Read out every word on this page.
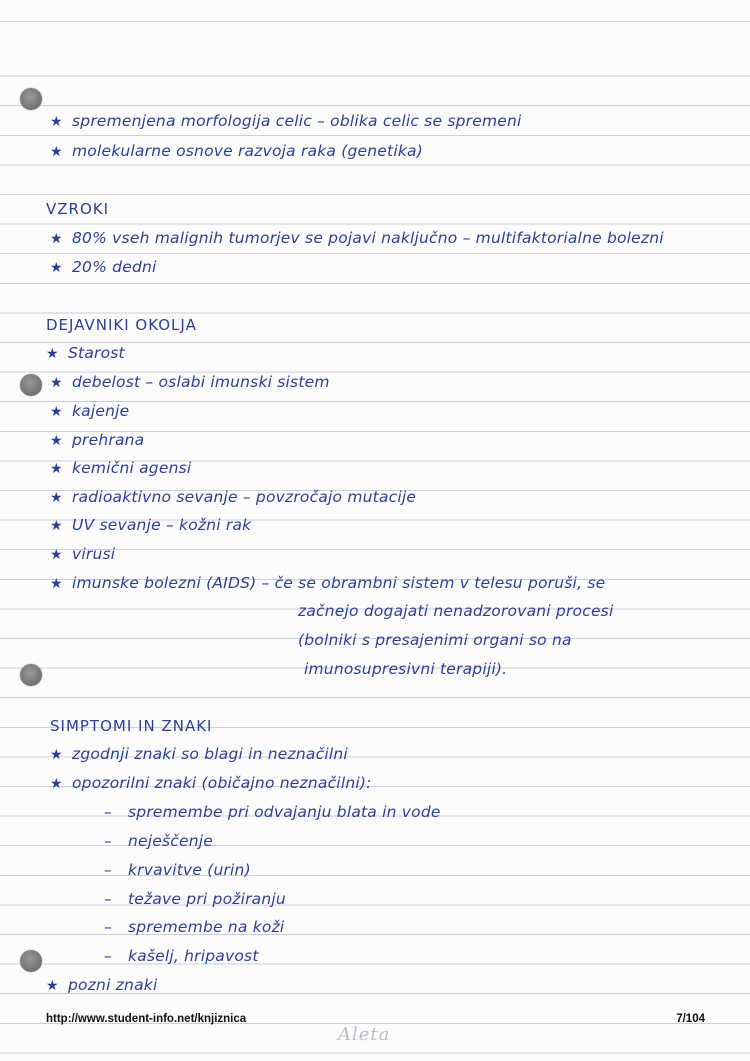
★ spremenjena morfologija celic – oblika celic se spremeni

★ molekularne osnove razvoja raka (genetika)

VZROKI

★ 80% vseh malignih tumorjev se pojavi naključno – multifaktorialne bolezni

★ 20% dedni

DEJAVNIKI OKOLJA

★ Starost

★ debelost – oslabi imunski sistem

★ kajenje

★ prehrana

★ kemični agensi

★ radioaktivno sevanje – povzročajo mutacije

★ UV sevanje – kožni rak

★ virusi

★ imunske bolezni (AIDS) – če se obrambni sistem v telesu poruši, se

začnejo dogajati nenadzorovani procesi

(bolniki s presajenimi organi so na

imunosupresivni terapiji).

SIMPTOMI IN ZNAKI

★ zgodnji znaki so blagi in neznačilni

★ opozorilni znaki (običajno neznačilni):

– spremembe pri odvajanju blata in vode

– neješčenje

– krvavitve (urin)

– težave pri požiranju

– spremembe na koži

– kašelj, hripavost

★ pozni znaki

http://www.student-info.net/knjiznica	7/104
Aleta
